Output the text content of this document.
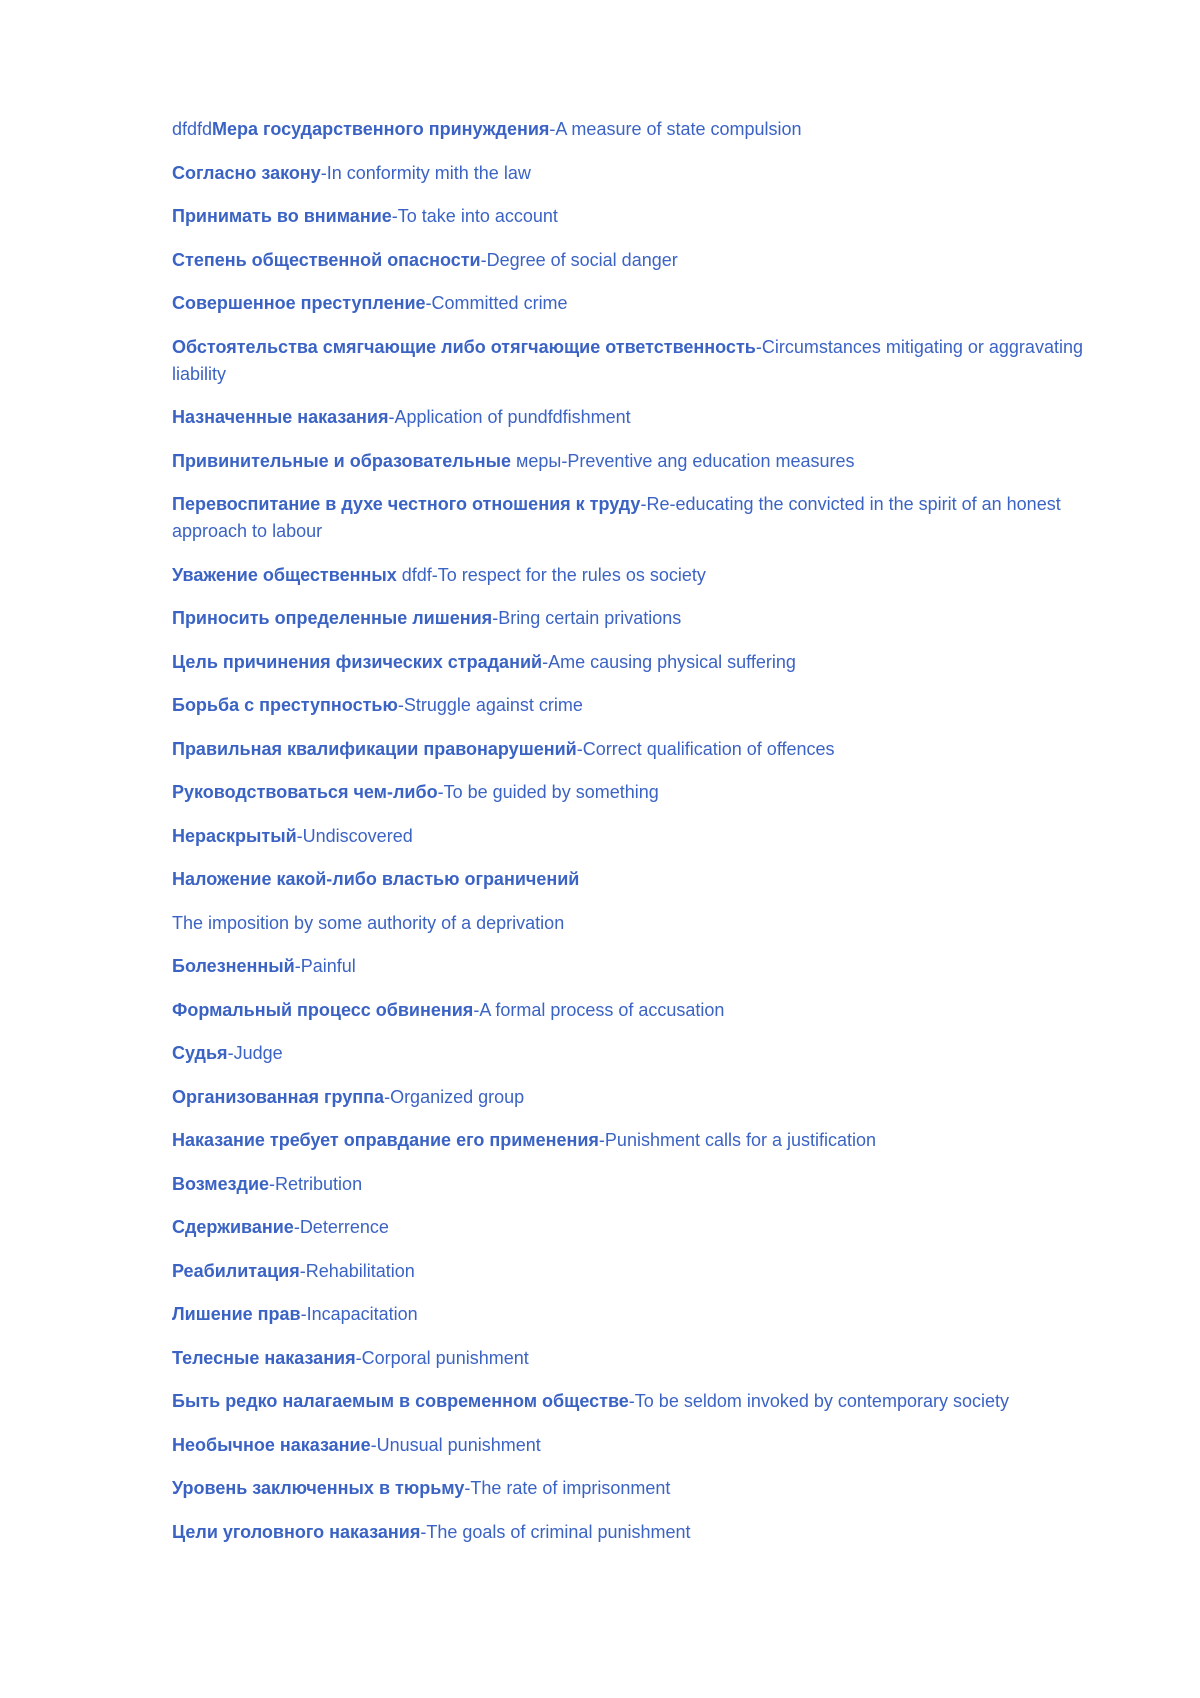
dfdfdМера государственного принуждения-A measure of state compulsion

Согласно закону-In conformity mith the law

Принимать во внимание-To take into account

Степень общественной опасности-Degree of social danger

Совершенное преступление-Committed crime

Обстоятельства смягчающие либо отягчающие ответственность-Circumstances mitigating or aggravating liability

Назначенные наказания-Application of pundfdfishment

Привинительные и образовательные меры-Preventive ang education measures

Перевоспитание в духе честного отношения к труду-Re-educating the convicted in the spirit of an honest approach to labour

Уважение общественных dfdf-To respect for the rules os society

Приносить определенные лишения-Bring certain privations

Цель причинения физических страданий-Ame causing physical suffering

Борьба с преступностью-Struggle against crime

Правильная квалификации правонарушений-Correct qualification of offences

Руководствоваться чем-либо-To be guided by something

Нераскрытый-Undiscovered

Наложение какой-либо властью ограничений

The imposition by some authority of a deprivation

Болезненный-Painful

Формальный процесс обвинения-A formal process of accusation

Судья-Judge

Организованная группа-Organized group

Наказание требует оправдание его применения-Punishment calls for a justification

Возмездие-Retribution

Сдерживание-Deterrence

Реабилитация-Rehabilitation

Лишение прав-Incapacitation

Телесные наказания-Corporal punishment

Быть редко налагаемым в современном обществе-To be seldom invoked by contemporary society

Необычное наказание-Unusual punishment

Уровень заключенных в тюрьму-The rate of imprisonment

Цели уголовного наказания-The goals of criminal punishment
